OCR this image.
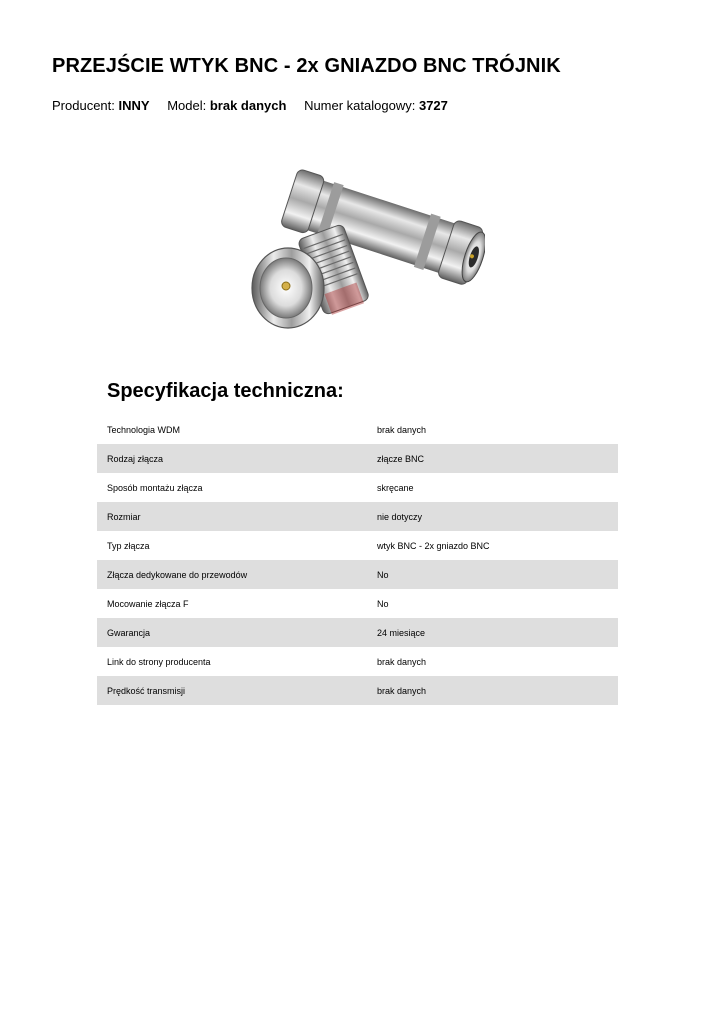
PRZEJŚCIE WTYK BNC - 2x GNIAZDO BNC TRÓJNIK
Producent: INNY Model: brak danych Numer katalogowy: 3727
Specyfikacja techniczna:
Technologia WDM	brak danych
Rodzaj złącza	złącze BNC
Sposób montażu złącza	skręcane
Rozmiar	nie dotyczy
Typ złącza	wtyk BNC - 2x gniazdo BNC
Złącza dedykowane do przewodów	No
Mocowanie złącza F	No
Gwarancja	24 miesiące
Link do strony producenta	brak danych
Prędkość transmisji	brak danych
